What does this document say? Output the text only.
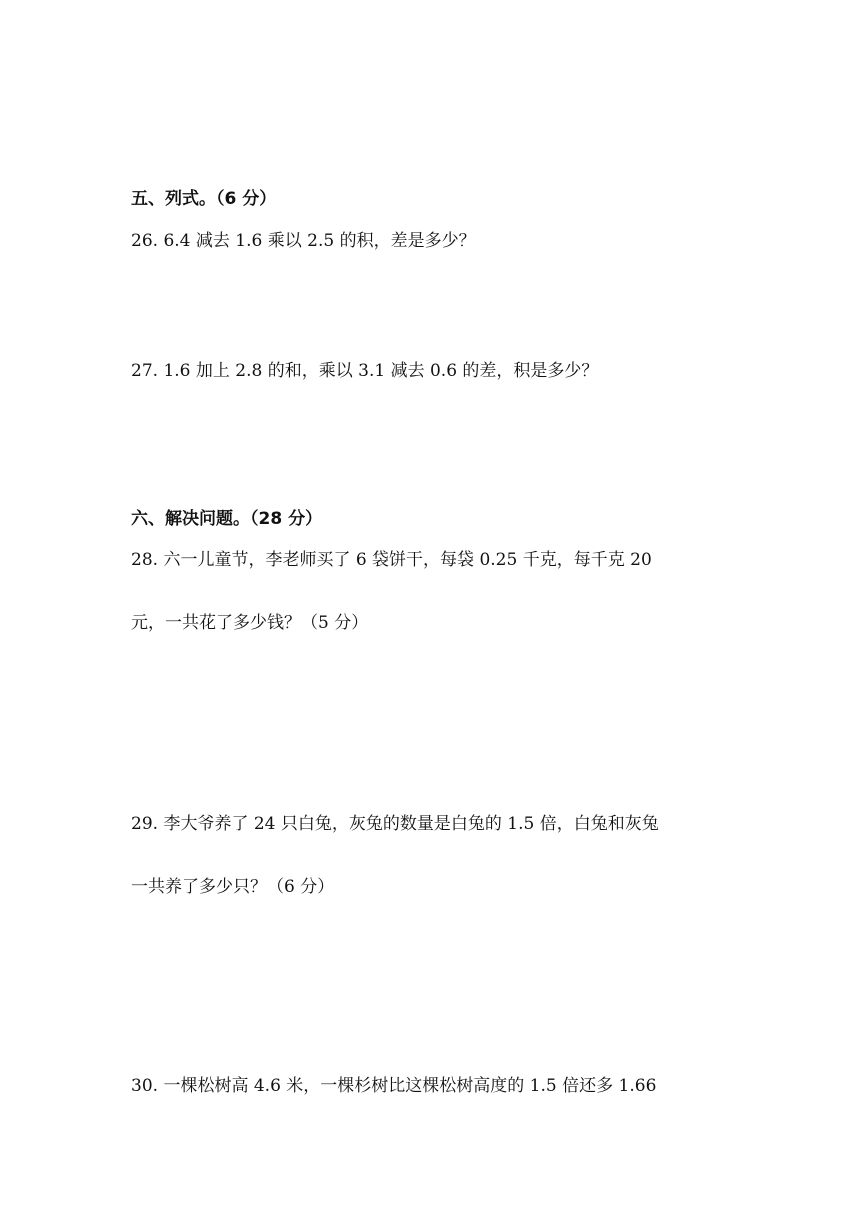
五、列式。（6 分）
26. 6.4 减去 1.6 乘以 2.5 的积，差是多少？
27. 1.6 加上 2.8 的和，乘以 3.1 减去 0.6 的差，积是多少？
六、解决问题。（28 分）
28. 六一儿童节，李老师买了 6 袋饼干，每袋 0.25 千克，每千克 20
元，一共花了多少钱？（5 分）
29. 李大爷养了 24 只白兔，灰兔的数量是白兔的 1.5 倍，白兔和灰兔
一共养了多少只？（6 分）
30. 一棵松树高 4.6 米，一棵杉树比这棵松树高度的 1.5 倍还多 1.66
